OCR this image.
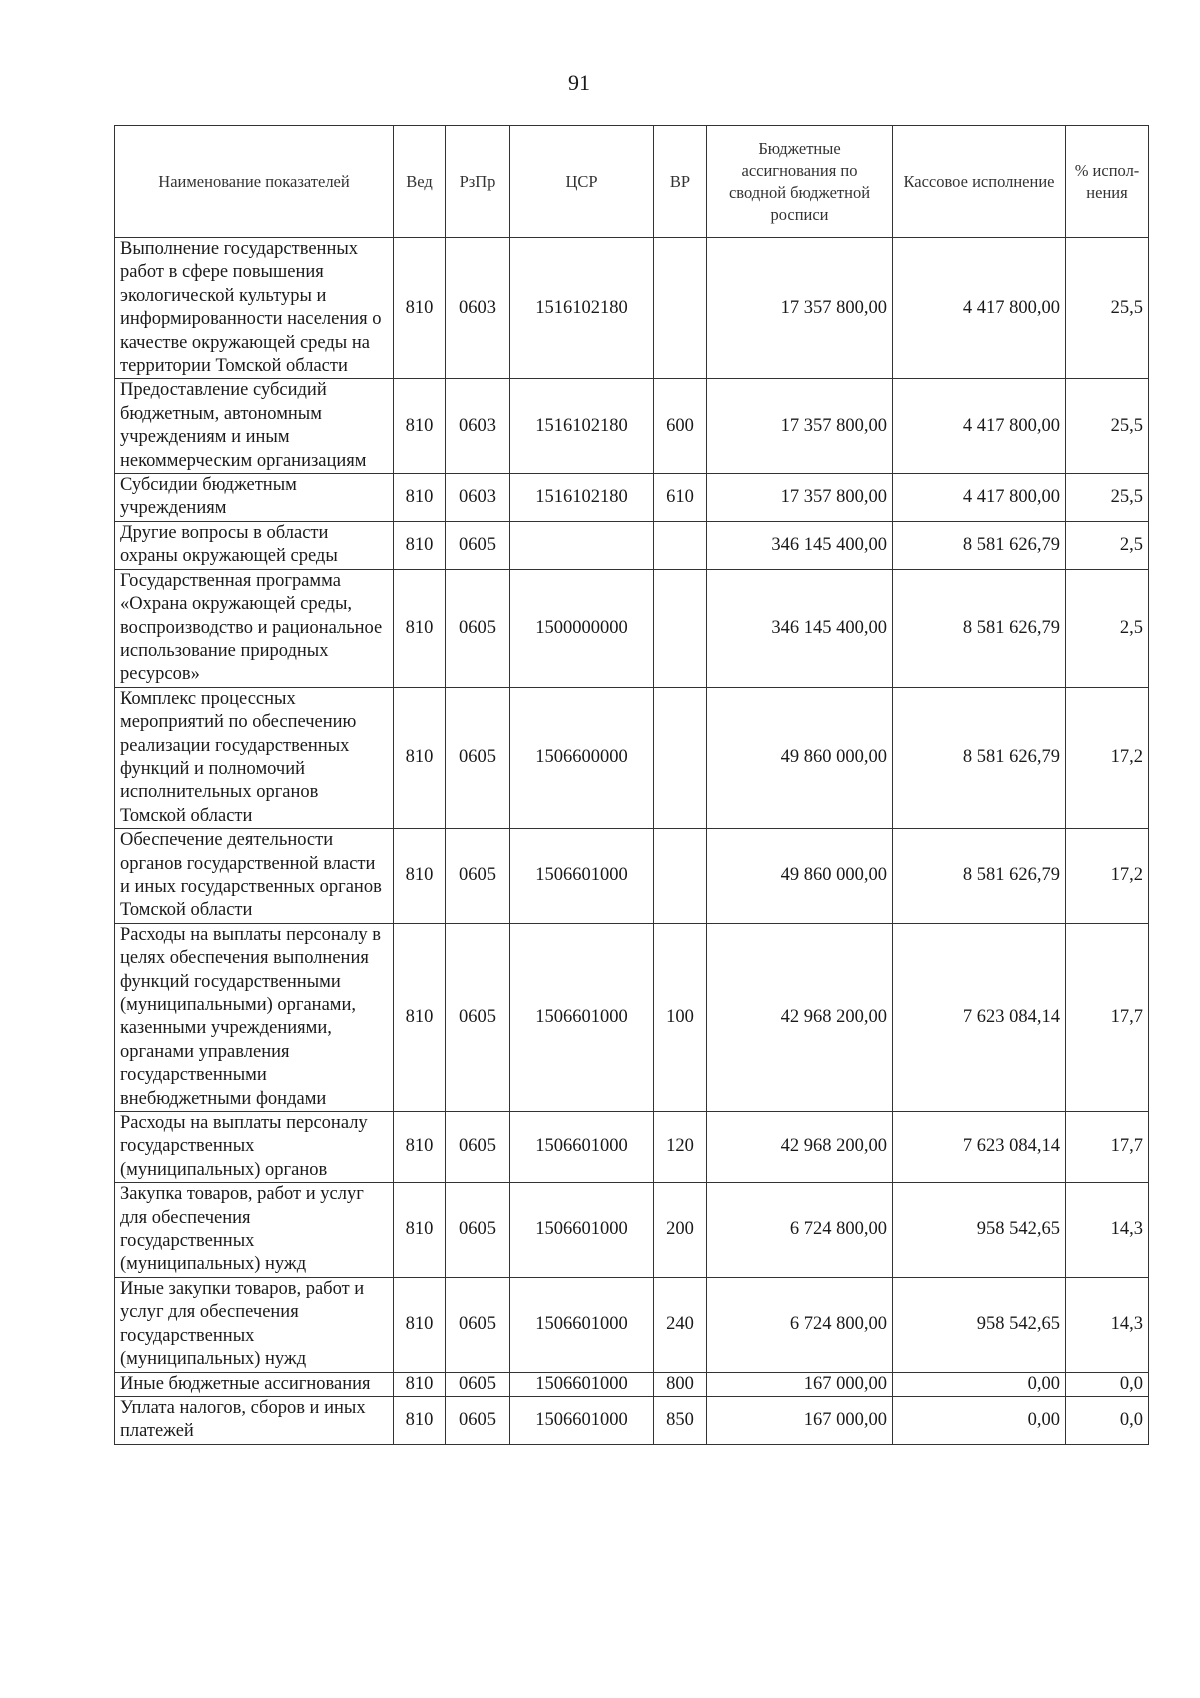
91
Наименование показателей	Вед	РзПр	ЦСР	ВР	Бюджетные ассигнования по сводной бюджетной росписи	Кассовое исполнение	% испол-нения
Выполнение государственных работ в сфере повышения экологической культуры и информированности населения о качестве окружающей среды на территории Томской области	810	0603	1516102180		17 357 800,00	4 417 800,00	25,5
Предоставление субсидий бюджетным, автономным учреждениям и иным некоммерческим организациям	810	0603	1516102180	600	17 357 800,00	4 417 800,00	25,5
Субсидии бюджетным учреждениям	810	0603	1516102180	610	17 357 800,00	4 417 800,00	25,5
Другие вопросы в области охраны окружающей среды	810	0605			346 145 400,00	8 581 626,79	2,5
Государственная программа «Охрана окружающей среды, воспроизводство и рациональное использование природных ресурсов»	810	0605	1500000000		346 145 400,00	8 581 626,79	2,5
Комплекс процессных мероприятий по обеспечению реализации государственных функций и полномочий исполнительных органов Томской области	810	0605	1506600000		49 860 000,00	8 581 626,79	17,2
Обеспечение деятельности органов государственной власти и иных государственных органов Томской области	810	0605	1506601000		49 860 000,00	8 581 626,79	17,2
Расходы на выплаты персоналу в целях обеспечения выполнения функций государственными (муниципальными) органами, казенными учреждениями, органами управления государственными внебюджетными фондами	810	0605	1506601000	100	42 968 200,00	7 623 084,14	17,7
Расходы на выплаты персоналу государственных (муниципальных) органов	810	0605	1506601000	120	42 968 200,00	7 623 084,14	17,7
Закупка товаров, работ и услуг для обеспечения государственных (муниципальных) нужд	810	0605	1506601000	200	6 724 800,00	958 542,65	14,3
Иные закупки товаров, работ и услуг для обеспечения государственных (муниципальных) нужд	810	0605	1506601000	240	6 724 800,00	958 542,65	14,3
Иные бюджетные ассигнования	810	0605	1506601000	800	167 000,00	0,00	0,0
Уплата налогов, сборов и иных платежей	810	0605	1506601000	850	167 000,00	0,00	0,0
